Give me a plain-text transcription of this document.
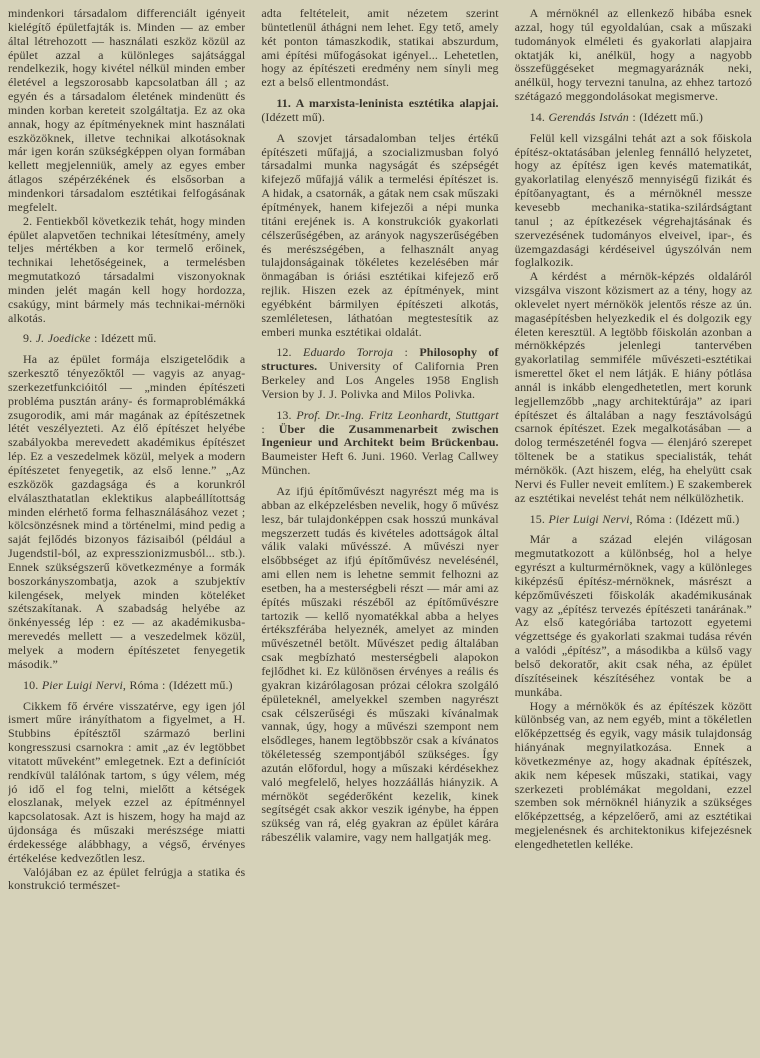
mindenkori társadalom differenciált igényeit kielégítő épületfajták is. Minden — az ember által létrehozott — használati eszköz közül az épület azzal a különleges sajátsággal rendelkezik, hogy kivétel nélkül minden ember életével a legszorosabb kapcsolatban áll ; az egyén és a társadalom életének mindenütt és minden korban kereteit szolgáltatja. Ez az oka annak, hogy az építményeknek mint használati eszközöknek, illetve technikai alkotásoknak már igen korán szükségképpen olyan formában kellett megjelenniük, amely az egyes ember átlagos szépérzékének és elsősorban a mindenkori társadalom esztétikai felfogásának megfelelt.

2. Fentiekből következik tehát, hogy minden épület alapvetően technikai létesítmény, amely teljes mértékben a kor termelő erőinek, technikai lehetőségeinek, a termelésben megmutatkozó társadalmi viszonyoknak minden jelét magán kell hogy hordozza, csakúgy, mint bármely más technikai-mérnöki alkotás.

9. J. Joedicke : Idézett mű.

Ha az épület formája elszigetelődik a szerkesztő tényezőktől — vagyis az anyag-szerkezetfunkcióitól — „minden építészeti probléma pusztán arány- és formaproblémákká zsugorodik, ami már magának az építészetnek létét veszélyezteti. Az élő építészet helyébe szabályokba merevedett akadémikus építészet lép. Ez a veszedelmek közül, melyek a modern építészetet fenyegetik, az első lenne.” „Az eszközök gazdagsága és a korunkról elválaszthatatlan eklektikus alapbeállítottság minden elérhető forma felhasználásához vezet ; kölcsönzésnek mind a történelmi, mind pedig a saját fejlődés bizonyos fázisaiból (például a Jugendstil-ból, az expresszionizmusból... stb.). Ennek szükségszerű következménye a formák boszorkányszombatja, azok a szubjektív kilengések, melyek minden köteléket szétszakítanak. A szabadság helyébe az önkényesség lép : ez — az akadémikusba-merevedés mellett — a veszedelmek közül, melyek a modern építészetet fenyegetik második.”

10. Pier Luigi Nervi, Róma : (Idézett mű.)

Cikkem fő érvére visszatérve, egy igen jól ismert műre irányíthatom a figyelmet, a H. Stubbins építésztől származó berlini kongresszusi csarnokra : amit „az év legtöbbet vitatott műveként” emlegetnek. Ezt a definíciót rendkívül találónak tartom, s úgy vélem, még jó idő el fog telni, mielőtt a kétségek eloszlanak, melyek ezzel az építménnyel kapcsolatosak. Azt is hiszem, hogy ha majd az újdonsága és műszaki merészsége miatti érdekessége alábbhagy, a végső, érvényes értékelése kedvezőtlen lesz.

Valójában ez az épület felrúgja a statika és konstrukció természet-

adta feltételeit, amit nézetem szerint büntetlenül áthágni nem lehet. Egy tető, amely két ponton támaszkodik, statikai abszurdum, ami építési műfogásokat igényel... Lehetetlen, hogy az építészeti eredmény nem sínyli meg ezt a belső ellentmondást.

11. A marxista-leninista esztétika alapjai. (Idézett mű).

A szovjet társadalomban teljes értékű építészeti műfajjá, a szocializmusban folyó társadalmi munka nagyságát és szépségét kifejező műfajjá válik a termelési építészet is. A hidak, a csatornák, a gátak nem csak műszaki építmények, hanem kifejezői a népi munka titáni erejének is. A konstrukciók gyakorlati célszerűségében, az arányok nagyszerűségében és merészségében, a felhasznált anyag tulajdonságainak tökéletes kezelésében már önmagában is óriási esztétikai kifejező erő rejlik. Hiszen ezek az építmények, mint egyébként bármilyen építészeti alkotás, szemléletesen, láthatóan megtestesítik az emberi munka esztétikai oldalát.

12. Eduardo Torroja : Philosophy of structures. University of California Pren Berkeley and Los Angeles 1958 English Version by J. J. Polivka and Milos Polivka.

13. Prof. Dr.-Ing. Fritz Leonhardt, Stuttgart : Über die Zusammenarbeit zwischen Ingenieur und Architekt beim Brückenbau. Baumeister Heft 6. Juni. 1960. Verlag Callwey München.

Az ifjú építőművészt nagyrészt még ma is abban az elképzelésben nevelik, hogy ő művész lesz, bár tulajdonképpen csak hosszú munkával megszerzett tudás és kivételes adottságok által válik valaki művésszé. A művészi nyer elsőbbséget az ifjú építőművész nevelésénél, ami ellen nem is lehetne semmit felhozni az esetben, ha a mesterségbeli részt — már ami az építés műszaki részéből az építőművészre tartozik — kellő nyomatékkal abba a helyes értékszférába helyeznék, amelyet az minden művészetnél betölt. Művészet pedig általában csak megbízható mesterségbeli alapokon fejlődhet ki. Ez különösen érvényes a reális és gyakran kizárólagosan prózai célokra szolgáló épületeknél, amelyekkel szemben nagyrészt csak célszerűségi és műszaki kívánalmak vannak, úgy, hogy a művészi szempont nem elsődleges, hanem legtöbbször csak a kívánatos tökéletesség szempontjából szükséges. Így azután előfordul, hogy a műszaki kérdésekhez való megfelelő, helyes hozzáállás hiányzik. A mérnököt segéderőként kezelik, kinek segítségét csak akkor veszik igénybe, ha éppen szükség van rá, elég gyakran az épület kárára rábeszélik valamire, vagy nem hallgatják meg.

A mérnöknél az ellenkező hibába esnek azzal, hogy túl egyoldalúan, csak a műszaki tudományok elméleti és gyakorlati alapjaira oktatják ki, anélkül, hogy a nagyobb összefüggéseket megmagyaráznák neki, anélkül, hogy tervezni tanulna, az ehhez tartozó szétágazó meggondolásokat megismerve.

14. Gerendás István : (Idézett mű.)

Felül kell vizsgálni tehát azt a sok főiskola építész-oktatásában jelenleg fennálló helyzetet, hogy az építész igen kevés matematikát, gyakorlatilag elenyésző mennyiségű fizikát és építőanyagtant, és a mérnöknél messze kevesebb mechanika-statika-szilárdságtant tanul ; az építkezések végrehajtásának és szervezésének tudományos elveivel, ipar-, és üzemgazdasági kérdéseivel úgyszólván nem foglalkozik.

A kérdést a mérnök-képzés oldaláról vizsgálva viszont közismert az a tény, hogy az oklevelet nyert mérnökök jelentős része az ún. magasépítésben helyezkedik el és dolgozik egy életen keresztül. A legtöbb főiskolán azonban a mérnökképzés jelenlegi tantervében gyakorlatilag semmiféle művészeti-esztétikai ismerettel őket el nem látják. E hiány pótlása annál is inkább elengedhetetlen, mert korunk legjellemzőbb „nagy architektúrája” az ipari építészet és általában a nagy fesztávolságú csarnok építészet. Ezek megalkotásában — a dolog természeténél fogva — élenjáró szerepet töltenek be a statikus specialisták, tehát mérnökök. (Azt hiszem, elég, ha ehelyütt csak Nervi és Fuller neveit említem.) E szakemberek az esztétikai nevelést tehát nem nélkülözhetik.

15. Pier Luigi Nervi, Róma : (Idézett mű.)

Már a század elején világosan megmutatkozott a különbség, hol a helye egyrészt a kulturmérnöknek, vagy a különleges kiképzésű építész-mérnöknek, másrészt a képzőművészeti főiskolák akadémikusának vagy az „építész tervezés építészeti tanárának.” Az első kategóriába tartozott egyetemi végzettsége és gyakorlati szakmai tudása révén a valódi „építész”, a másodikba a külső vagy belső dekoratőr, akit csak néha, az épület díszítéseinek készítéséhez vontak be a munkába.

Hogy a mérnökök és az építészek között különbség van, az nem egyéb, mint a tökéletlen előképzettség és egyik, vagy másik tulajdonság hiányának megnyilatkozása. Ennek a következménye az, hogy akadnak építészek, akik nem képesek műszaki, statikai, vagy szerkezeti problémákat megoldani, ezzel szemben sok mérnöknél hiányzik a szükséges előképzettség, a képzelőerő, ami az esztétikai megjelenésnek és architektonikus kifejezésnek elengedhetetlen kelléke.
